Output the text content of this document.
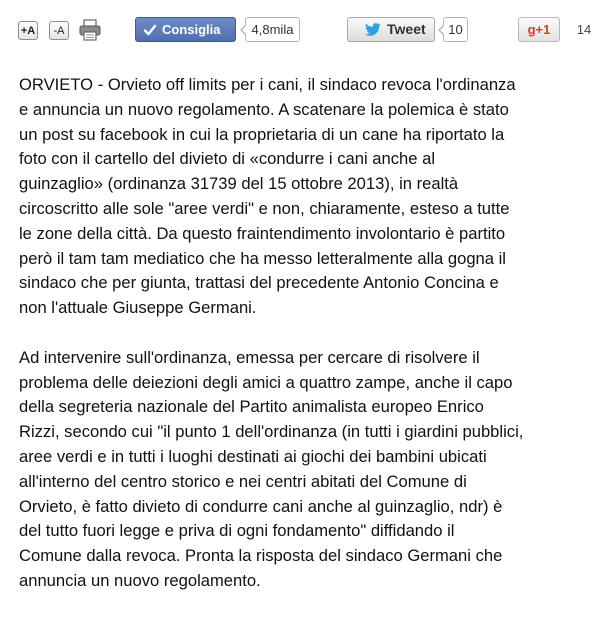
+A	-A	Consiglia	4,8mila	Tweet	10	g+1	14

ORVIETO - Orvieto off limits per i cani, il sindaco revoca l'ordinanza
e annuncia un nuovo regolamento. A scatenare la polemica è stato
un post su facebook in cui la proprietaria di un cane ha riportato la
foto con il cartello del divieto di «condurre i cani anche al
guinzaglio» (ordinanza 31739 del 15 ottobre 2013), in realtà
circoscritto alle sole "aree verdi" e non, chiaramente, esteso a tutte
le zone della città. Da questo fraintendimento involontario è partito
però il tam tam mediatico che ha messo letteralmente alla gogna il
sindaco che per giunta, trattasi del precedente Antonio Concina e
non l'attuale Giuseppe Germani.

Ad intervenire sull'ordinanza, emessa per cercare di risolvere il
problema delle deiezioni degli amici a quattro zampe, anche il capo
della segreteria nazionale del Partito animalista europeo Enrico
Rizzi, secondo cui "il punto 1 dell'ordinanza (in tutti i giardini pubblici,
aree verdi e in tutti i luoghi destinati ai giochi dei bambini ubicati
all'interno del centro storico e nei centri abitati del Comune di
Orvieto, è fatto divieto di condurre cani anche al guinzaglio, ndr) è
del tutto fuori legge e priva di ogni fondamento" diffidando il
Comune dalla revoca. Pronta la risposta del sindaco Germani che
annuncia un nuovo regolamento.
